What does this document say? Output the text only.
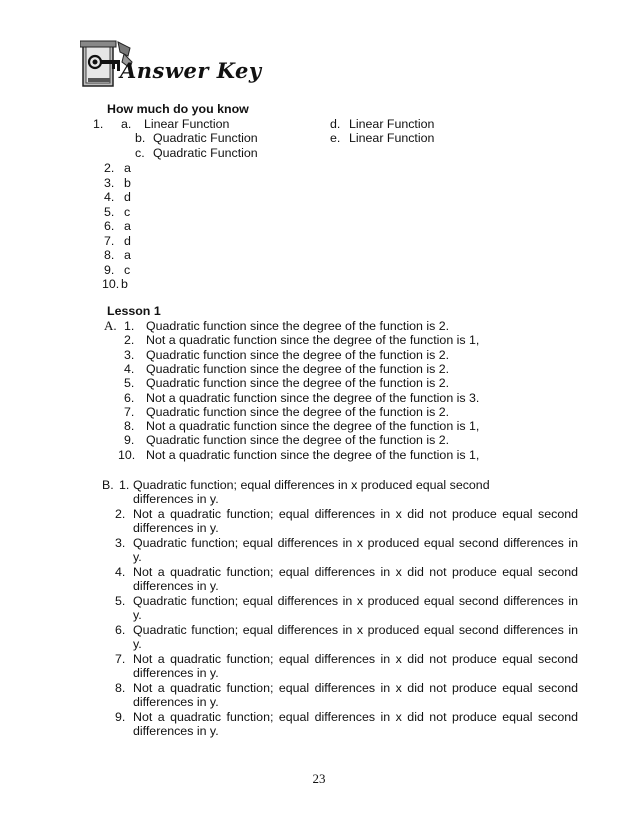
Answer Key
How much do you know
1. a. Linear Function	d. Linear Function
b. Quadratic Function	e. Linear Function
c. Quadratic Function
2. a
3. b
4. d
5. c
6. a
7. d
8. a
9. c
10. b
Lesson 1
A. 1. Quadratic function since the degree of the function is 2.
2. Not a quadratic function since the degree of the function is 1,
3. Quadratic function since the degree of the function is 2.
4. Quadratic function since the degree of the function is 2.
5. Quadratic function since the degree of the function is 2.
6. Not a quadratic function since the degree of the function is 3.
7. Quadratic function since the degree of the function is 2.
8. Not a quadratic function since the degree of the function is 1,
9. Quadratic function since the degree of the function is 2.
10. Not a quadratic function since the degree of the function is 1,
B. 1. Quadratic function; equal differences in x produced equal second differences in y.
2. Not a quadratic function; equal differences in x did not produce equal second differences in y.
3. Quadratic function; equal differences in x produced equal second differences in y.
4. Not a quadratic function; equal differences in x did not produce equal second differences in y.
5. Quadratic function; equal differences in x produced equal second differences in y.
6. Quadratic function; equal differences in x produced equal second differences in y.
7. Not a quadratic function; equal differences in x did not produce equal second differences in y.
8. Not a quadratic function; equal differences in x did not produce equal second differences in y.
9. Not a quadratic function; equal differences in x did not produce equal second differences in y.
23
